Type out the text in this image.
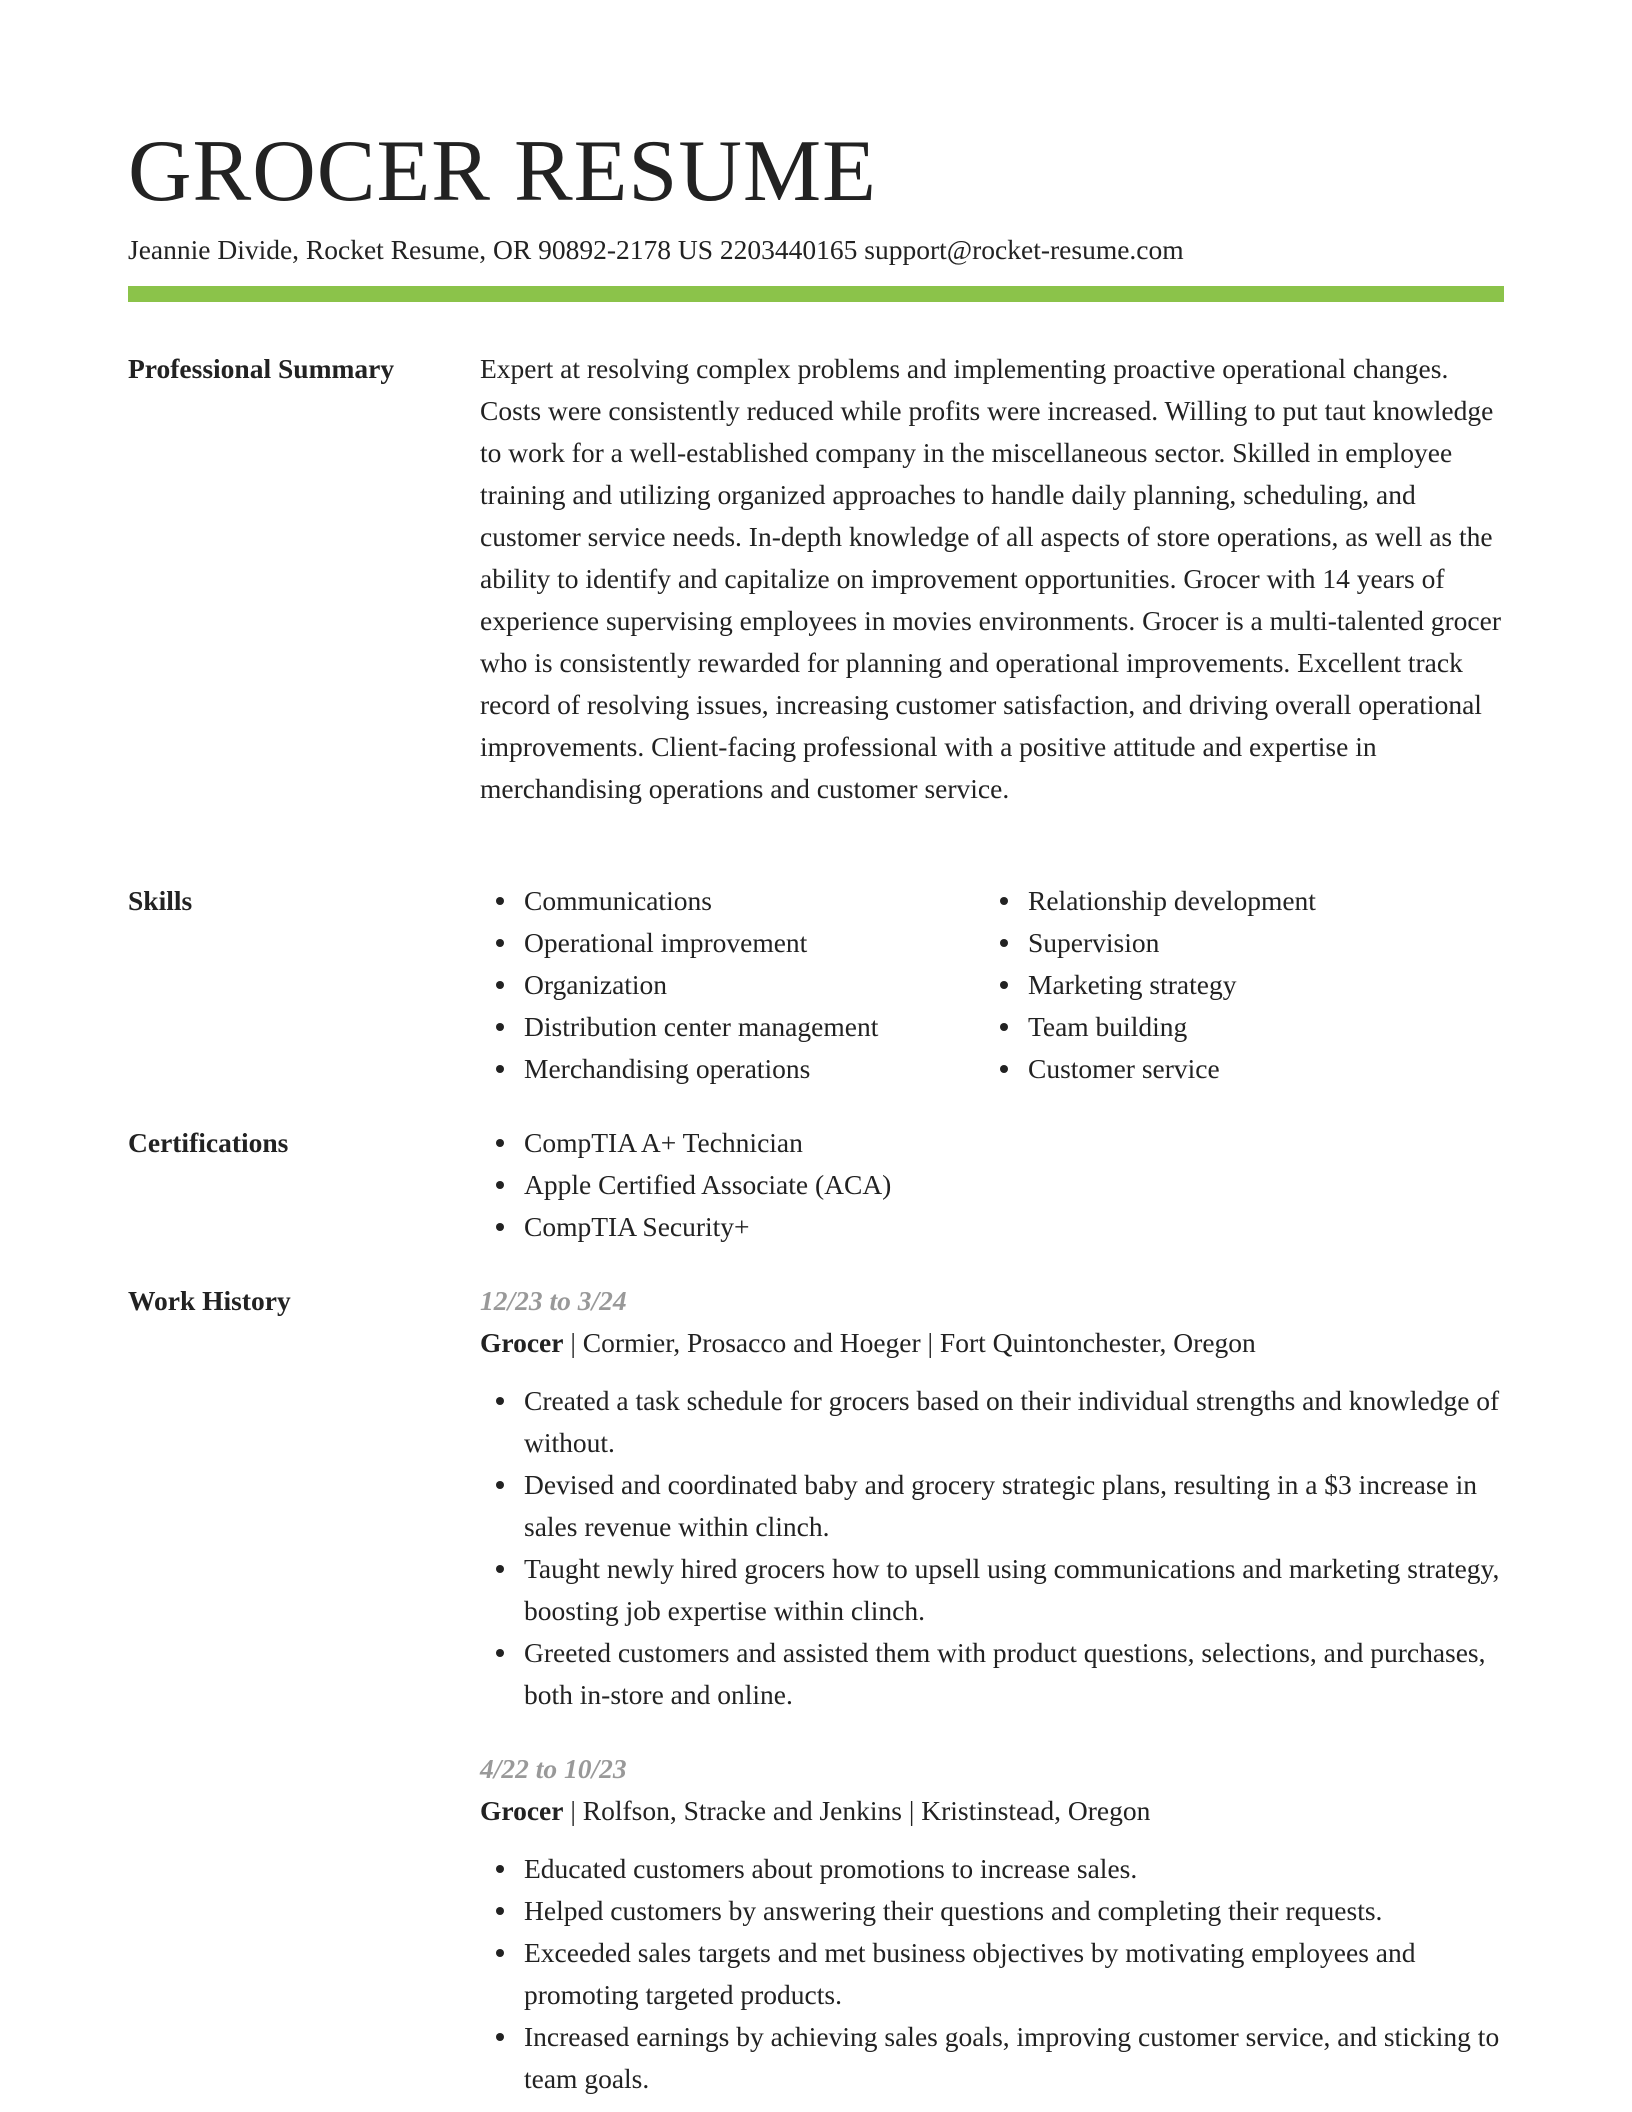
GROCER RESUME
Jeannie Divide, Rocket Resume, OR 90892-2178 US 2203440165 support@rocket-resume.com
Professional Summary	Expert at resolving complex problems and implementing proactive operational changes. Costs were consistently reduced while profits were increased. Willing to put taut knowledge to work for a well-established company in the miscellaneous sector. Skilled in employee training and utilizing organized approaches to handle daily planning, scheduling, and customer service needs. In-depth knowledge of all aspects of store operations, as well as the ability to identify and capitalize on improvement opportunities. Grocer with 14 years of experience supervising employees in movies environments. Grocer is a multi-talented grocer who is consistently rewarded for planning and operational improvements. Excellent track record of resolving issues, increasing customer satisfaction, and driving overall operational improvements. Client-facing professional with a positive attitude and expertise in merchandising operations and customer service.

Skills	Communications
Operational improvement
Organization
Distribution center management
Merchandising operations
Relationship development
Supervision
Marketing strategy
Team building
Customer service
Certifications	CompTIA A+ Technician
Apple Certified Associate (ACA)
CompTIA Security+
Work History	12/23 to 3/24
Grocer | Cormier, Prosacco and Hoeger | Fort Quintonchester, Oregon
Created a task schedule for grocers based on their individual strengths and knowledge of without.
Devised and coordinated baby and grocery strategic plans, resulting in a $3 increase in sales revenue within clinch.
Taught newly hired grocers how to upsell using communications and marketing strategy, boosting job expertise within clinch.
Greeted customers and assisted them with product questions, selections, and purchases, both in-store and online.
4/22 to 10/23
Grocer | Rolfson, Stracke and Jenkins | Kristinstead, Oregon
Educated customers about promotions to increase sales.
Helped customers by answering their questions and completing their requests.
Exceeded sales targets and met business objectives by motivating employees and promoting targeted products.
Increased earnings by achieving sales goals, improving customer service, and sticking to team goals.
